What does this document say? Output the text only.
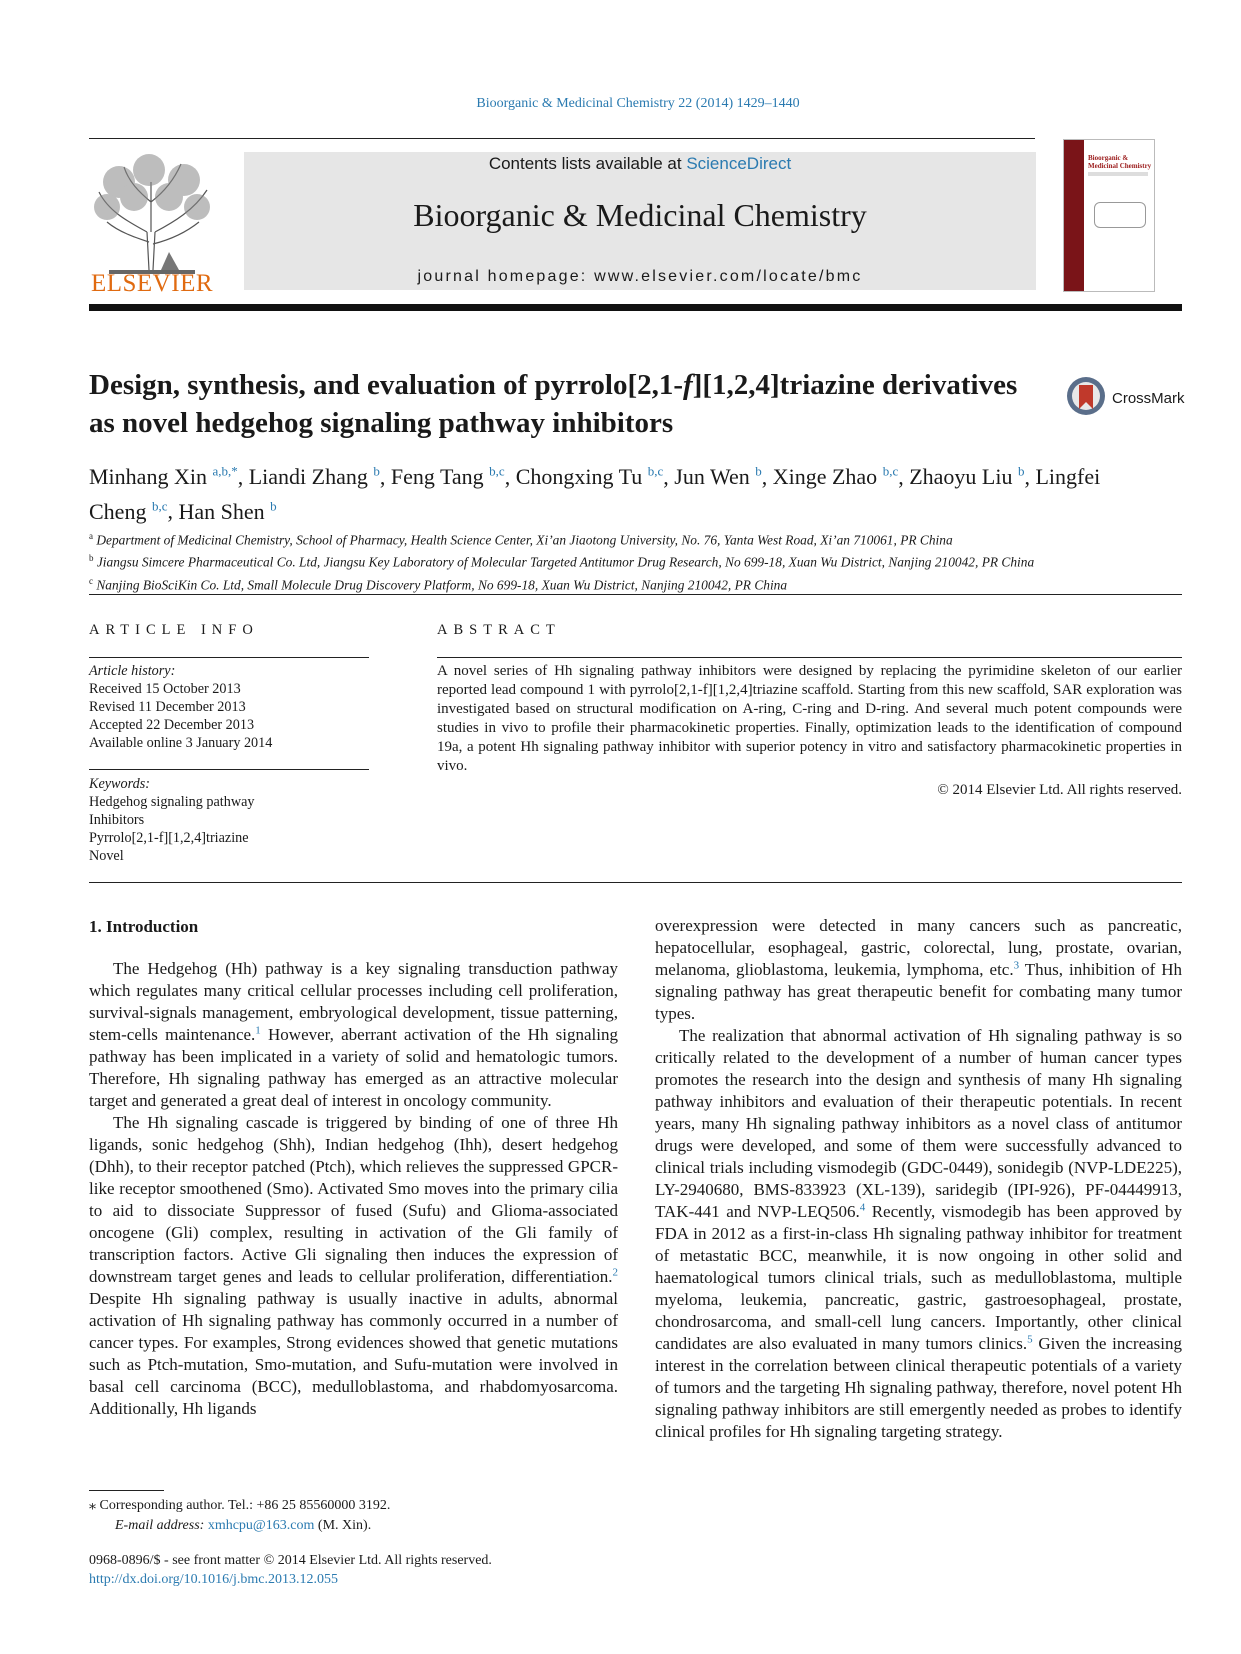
Bioorganic & Medicinal Chemistry 22 (2014) 1429–1440
ELSEVIER
Contents lists available at ScienceDirect
Bioorganic & Medicinal Chemistry
journal homepage: www.elsevier.com/locate/bmc
Bioorganic & Medicinal Chemistry
Design, synthesis, and evaluation of pyrrolo[2,1-f][1,2,4]triazine derivatives as novel hedgehog signaling pathway inhibitors
CrossMark
Minhang Xin $^{a,b,*}$, Liandi Zhang $^b$, Feng Tang $^{b,c}$, Chongxing Tu $^{b,c}$, Jun Wen $^b$, Xinge Zhao $^{b,c}$, Zhaoyu Liu $^b$, Lingfei Cheng $^{b,c}$, Han Shen $^b$
$^a$ Department of Medicinal Chemistry, School of Pharmacy, Health Science Center, Xi’an Jiaotong University, No. 76, Yanta West Road, Xi’an 710061, PR China
$^b$ Jiangsu Simcere Pharmaceutical Co. Ltd, Jiangsu Key Laboratory of Molecular Targeted Antitumor Drug Research, No 699-18, Xuan Wu District, Nanjing 210042, PR China
$^c$ Nanjing BioSciKin Co. Ltd, Small Molecule Drug Discovery Platform, No 699-18, Xuan Wu District, Nanjing 210042, PR China
ARTICLE INFO	ABSTRACT
Article history:
Received 15 October 2013
Revised 11 December 2013
Accepted 22 December 2013
Available online 3 January 2014
Keywords:
Hedgehog signaling pathway
Inhibitors
Pyrrolo[2,1-f][1,2,4]triazine
Novel
A novel series of Hh signaling pathway inhibitors were designed by replacing the pyrimidine skeleton of our earlier reported lead compound 1 with pyrrolo[2,1-f][1,2,4]triazine scaffold. Starting from this new scaffold, SAR exploration was investigated based on structural modification on A-ring, C-ring and D-ring. And several much potent compounds were studies in vivo to profile their pharmacokinetic properties. Finally, optimization leads to the identification of compound 19a, a potent Hh signaling pathway inhibitor with superior potency in vitro and satisfactory pharmacokinetic properties in vivo.
© 2014 Elsevier Ltd. All rights reserved.
1. Introduction
The Hedgehog (Hh) pathway is a key signaling transduction pathway which regulates many critical cellular processes including cell proliferation, survival-signals management, embryological development, tissue patterning, stem-cells maintenance.$^1$ However, aberrant activation of the Hh signaling pathway has been implicated in a variety of solid and hematologic tumors. Therefore, Hh signaling pathway has emerged as an attractive molecular target and generated a great deal of interest in oncology community.
The Hh signaling cascade is triggered by binding of one of three Hh ligands, sonic hedgehog (Shh), Indian hedgehog (Ihh), desert hedgehog (Dhh), to their receptor patched (Ptch), which relieves the suppressed GPCR-like receptor smoothened (Smo). Activated Smo moves into the primary cilia to aid to dissociate Suppressor of fused (Sufu) and Glioma-associated oncogene (Gli) complex, resulting in activation of the Gli family of transcription factors. Active Gli signaling then induces the expression of downstream target genes and leads to cellular proliferation, differentiation.$^2$ Despite Hh signaling pathway is usually inactive in adults, abnormal activation of Hh signaling pathway has commonly occurred in a number of cancer types. For examples, Strong evidences showed that genetic mutations such as Ptch-mutation, Smo-mutation, and Sufu-mutation were involved in basal cell carcinoma (BCC), medulloblastoma, and rhabdomyosarcoma. Additionally, Hh ligands
overexpression were detected in many cancers such as pancreatic, hepatocellular, esophageal, gastric, colorectal, lung, prostate, ovarian, melanoma, glioblastoma, leukemia, lymphoma, etc.$^3$ Thus, inhibition of Hh signaling pathway has great therapeutic benefit for combating many tumor types.
The realization that abnormal activation of Hh signaling pathway is so critically related to the development of a number of human cancer types promotes the research into the design and synthesis of many Hh signaling pathway inhibitors and evaluation of their therapeutic potentials. In recent years, many Hh signaling pathway inhibitors as a novel class of antitumor drugs were developed, and some of them were successfully advanced to clinical trials including vismodegib (GDC-0449), sonidegib (NVP-LDE225), LY-2940680, BMS-833923 (XL-139), saridegib (IPI-926), PF-04449913, TAK-441 and NVP-LEQ506.$^4$ Recently, vismodegib has been approved by FDA in 2012 as a first-in-class Hh signaling pathway inhibitor for treatment of metastatic BCC, meanwhile, it is now ongoing in other solid and haematological tumors clinical trials, such as medulloblastoma, multiple myeloma, leukemia, pancreatic, gastric, gastroesophageal, prostate, chondrosarcoma, and small-cell lung cancers. Importantly, other clinical candidates are also evaluated in many tumors clinics.$^5$ Given the increasing interest in the correlation between clinical therapeutic potentials of a variety of tumors and the targeting Hh signaling pathway, therefore, novel potent Hh signaling pathway inhibitors are still emergently needed as probes to identify clinical profiles for Hh signaling targeting strategy.
⁎ Corresponding author. Tel.: +86 25 85560000 3192.
E-mail address: xmhcpu@163.com (M. Xin).
0968-0896/$ - see front matter © 2014 Elsevier Ltd. All rights reserved.
http://dx.doi.org/10.1016/j.bmc.2013.12.055
